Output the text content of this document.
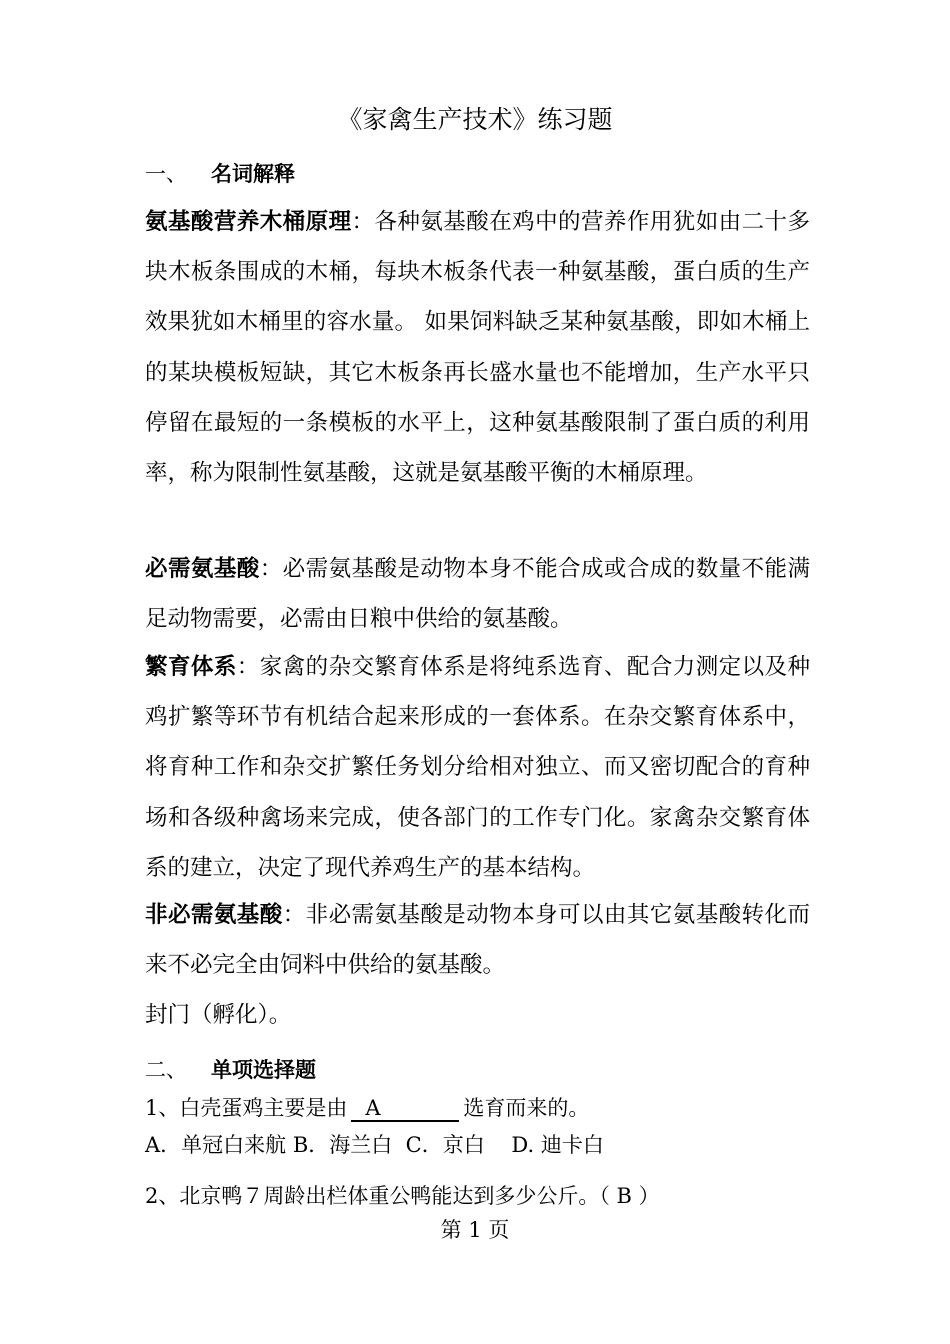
《家禽生产技术》练习题
一、 名词解释
氨基酸营养木桶原理：各种氨基酸在鸡中的营养作用犹如由二十多块木板条围成的木桶，每块木板条代表一种氨基酸，蛋白质的生产效果犹如木桶里的容水量。 如果饲料缺乏某种氨基酸，即如木桶上的某块模板短缺，其它木板条再长盛水量也不能增加，生产水平只停留在最短的一条模板的水平上，这种氨基酸限制了蛋白质的利用率，称为限制性氨基酸，这就是氨基酸平衡的木桶原理。
必需氨基酸：必需氨基酸是动物本身不能合成或合成的数量不能满足动物需要，必需由日粮中供给的氨基酸。
繁育体系：家禽的杂交繁育体系是将纯系选育、配合力测定以及种鸡扩繁等环节有机结合起来形成的一套体系。在杂交繁育体系中，将育种工作和杂交扩繁任务划分给相对独立、而又密切配合的育种场和各级种禽场来完成，使各部门的工作专门化。家禽杂交繁育体系的建立，决定了现代养鸡生产的基本结构。
非必需氨基酸：非必需氨基酸是动物本身可以由其它氨基酸转化而来不必完全由饲料中供给的氨基酸。
封门（孵化）。
二、 单项选择题
1、白壳蛋鸡主要是由 A	选育而来的。
A．单冠白来航 B．海兰白  C．京白    D. 迪卡白
2、北京鸭７周龄出栏体重公鸭能达到多少公斤。（ B ）
第 1 页
